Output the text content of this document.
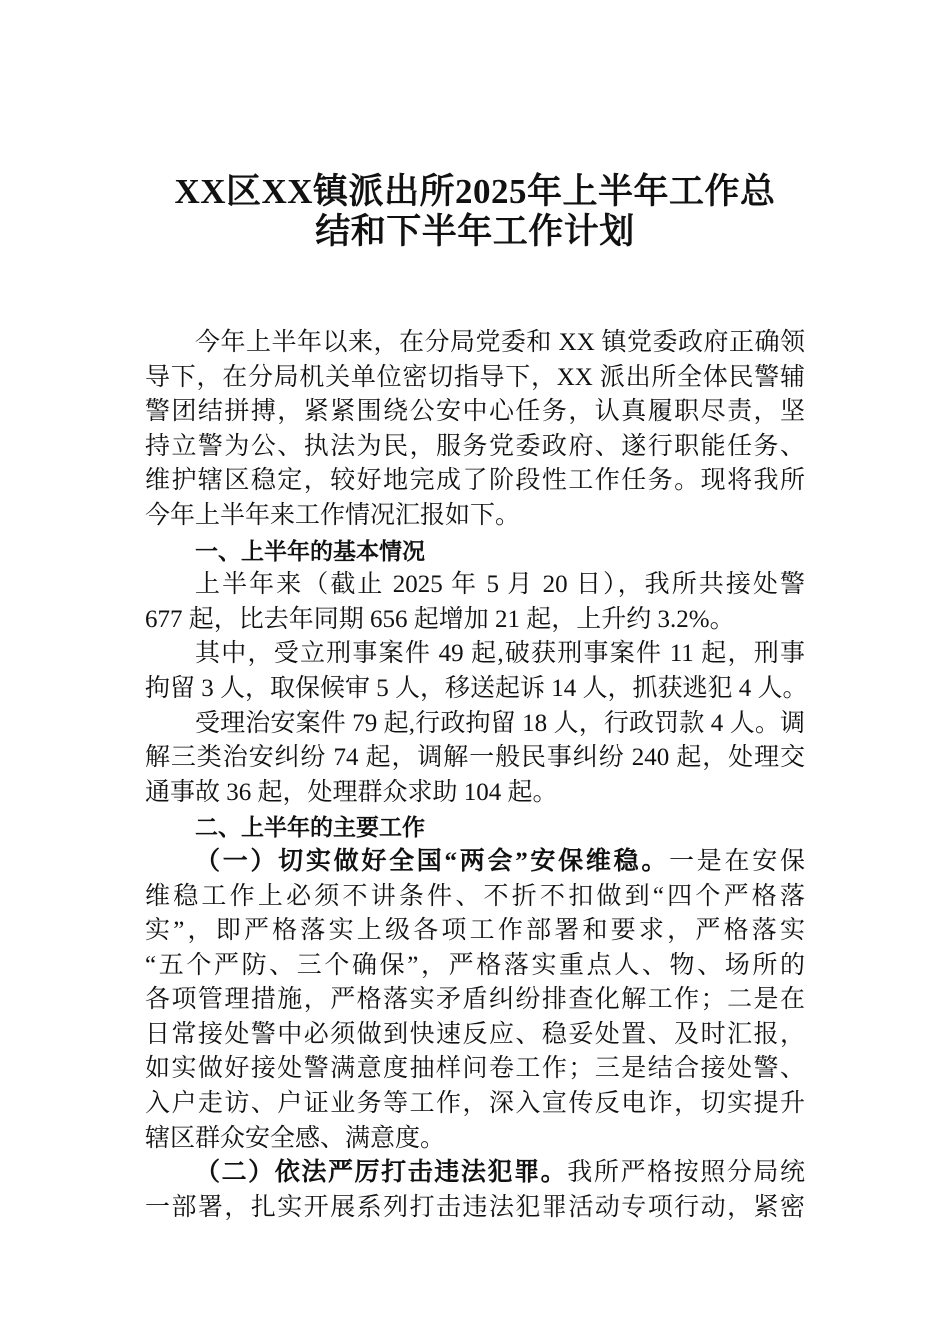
XX区XX镇派出所2025年上半年工作总
结和下半年工作计划
今年上半年以来，在分局党委和 XX 镇党委政府正确领
导下，在分局机关单位密切指导下，XX 派出所全体民警辅
警团结拼搏，紧紧围绕公安中心任务，认真履职尽责，坚
持立警为公、执法为民，服务党委政府、遂行职能任务、
维护辖区稳定，较好地完成了阶段性工作任务。现将我所
今年上半年来工作情况汇报如下。
一、上半年的基本情况
上半年来（截止 2025 年 5 月 20 日），我所共接处警
677 起，比去年同期 656 起增加 21 起，上升约 3.2%。
其中，受立刑事案件 49 起,破获刑事案件 11 起，刑事
拘留 3 人，取保候审 5 人，移送起诉 14 人，抓获逃犯 4 人。
受理治安案件 79 起,行政拘留 18 人，行政罚款 4 人。调
解三类治安纠纷 74 起，调解一般民事纠纷 240 起，处理交
通事故 36 起，处理群众求助 104 起。
二、上半年的主要工作
（一）切实做好全国“两会”安保维稳。一是在安保
维稳工作上必须不讲条件、不折不扣做到“四个严格落
实”，即严格落实上级各项工作部署和要求，严格落实
“五个严防、三个确保”，严格落实重点人、物、场所的
各项管理措施，严格落实矛盾纠纷排查化解工作；二是在
日常接处警中必须做到快速反应、稳妥处置、及时汇报，
如实做好接处警满意度抽样问卷工作；三是结合接处警、
入户走访、户证业务等工作，深入宣传反电诈，切实提升
辖区群众安全感、满意度。
（二）依法严厉打击违法犯罪。我所严格按照分局统
一部署，扎实开展系列打击违法犯罪活动专项行动，紧密
